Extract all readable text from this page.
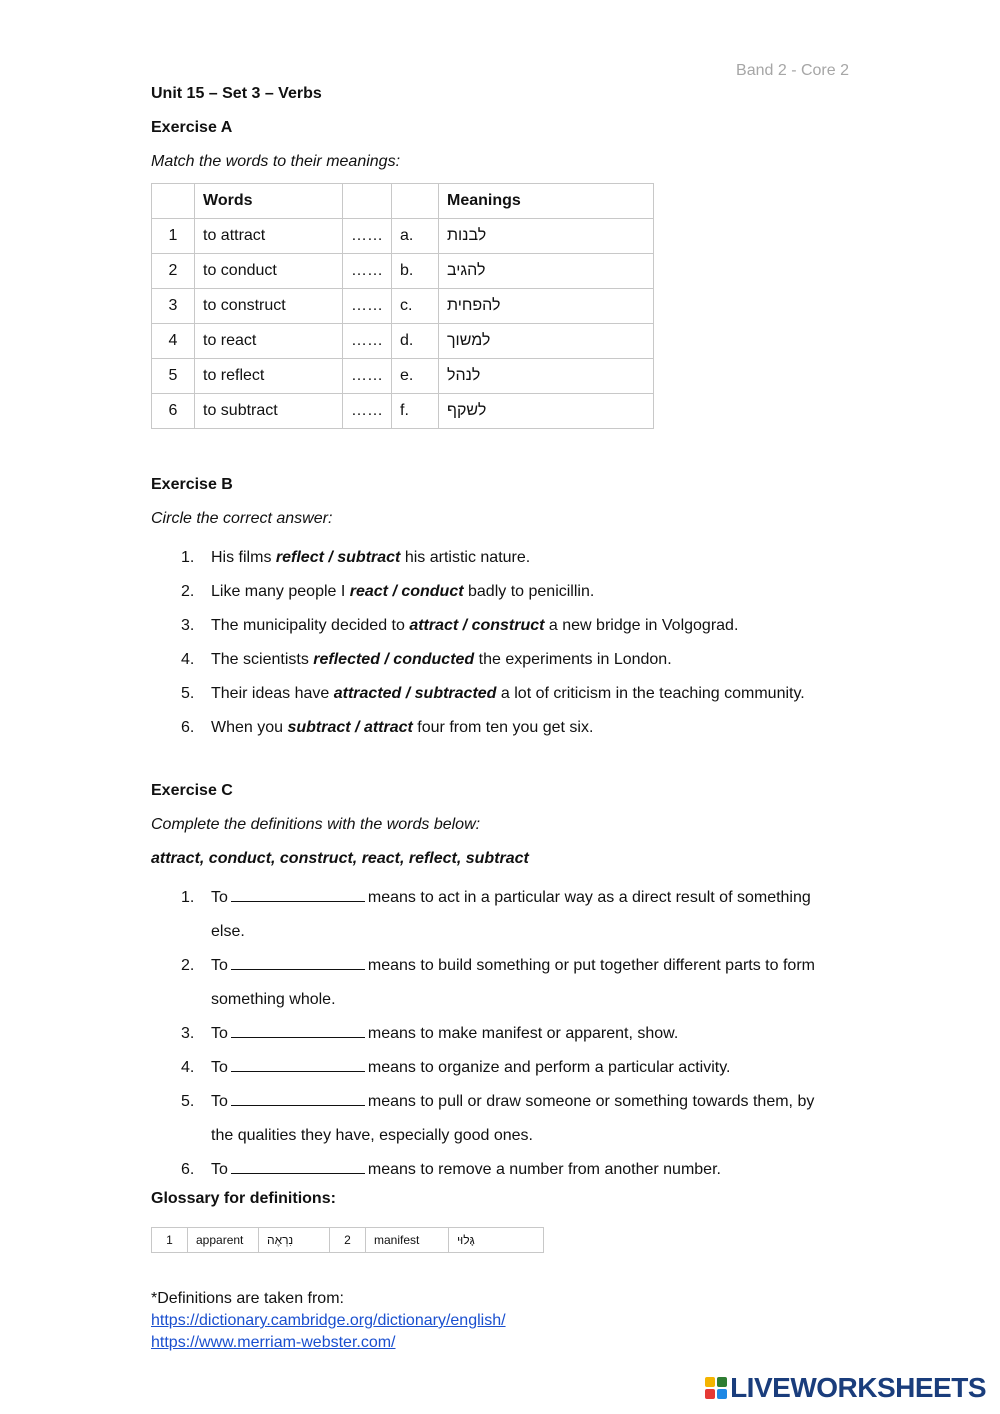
Band 2 - Core 2
Unit 15 – Set 3 – Verbs
Exercise A
Match the words to their meanings:
	Words			Meanings
1	to attract	……	a.	לבנות
2	to conduct	……	b.	להגיב
3	to construct	……	c.	להפחית
4	to react	……	d.	למשוך
5	to reflect	……	e.	לנהל
6	to subtract	……	f.	לשקף
Exercise B
Circle the correct answer:
1. His films reflect / subtract his artistic nature.
2. Like many people I react / conduct badly to penicillin.
3. The municipality decided to attract / construct a new bridge in Volgograd.
4. The scientists reflected / conducted the experiments in London.
5. Their ideas have attracted / subtracted a lot of criticism in the teaching community.
6. When you subtract / attract four from ten you get six.
Exercise C
Complete the definitions with the words below:
attract, conduct, construct, react, reflect, subtract
1. To	means to act in a particular way as a direct result of something
else.
2. To	means to build something or put together different parts to form
something whole.
3. To	means to make manifest or apparent, show.
4. To	means to organize and perform a particular activity.
5. To	means to pull or draw someone or something towards them, by
the qualities they have, especially good ones.
6. To	means to remove a number from another number.
Glossary for definitions:
1	apparent	נִרְאֶה	2	manifest	גָּלוּי
*Definitions are taken from:
https://dictionary.cambridge.org/dictionary/english/
https://www.merriam-webster.com/
LIVEWORKSHEETS
